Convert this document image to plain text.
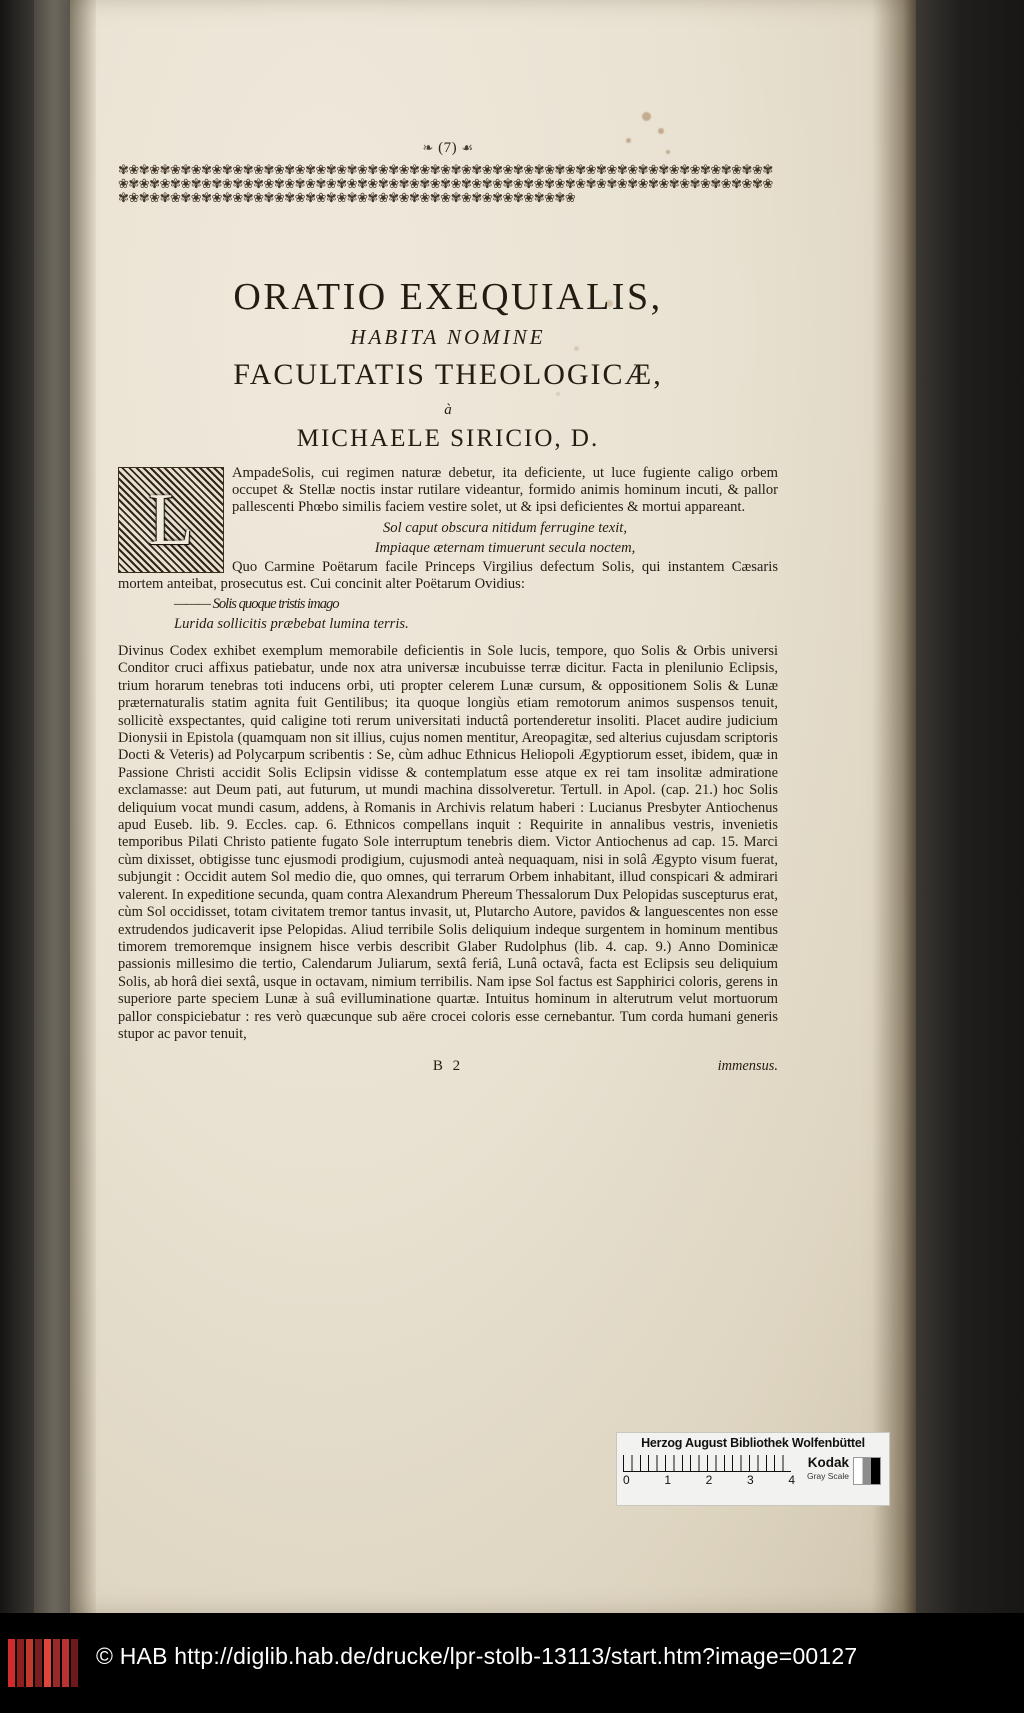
❧ (7) ☙
✾❀✾❀✾❀✾❀✾❀✾❀✾❀✾❀✾❀✾❀✾❀✾❀✾❀✾❀✾❀✾❀✾❀✾❀✾❀✾❀✾❀✾❀✾❀✾❀✾❀✾❀✾❀✾❀✾❀✾❀✾❀✾❀✾❀✾❀✾❀✾❀✾❀✾❀✾❀✾❀✾❀✾❀✾❀✾❀✾❀✾❀✾❀✾❀✾❀✾❀✾❀✾❀✾❀✾❀✾❀✾❀✾❀✾❀✾❀✾❀✾❀✾❀✾❀✾❀✾❀✾❀✾❀✾❀✾❀✾❀✾❀✾❀✾❀✾❀✾❀✾❀✾❀✾❀✾❀✾❀✾❀✾❀✾❀✾❀✾❀
ORATIO EXEQUIALIS,
HABITA NOMINE
FACULTATIS THEOLOGICÆ,
à
MICHAELE SIRICIO, D.
L

AmpadeSolis, cui regimen naturæ debetur, ita deficiente, ut luce fugiente caligo orbem occupet & Stellæ noctis instar rutilare videantur, formido animis hominum incuti, & pallor pallescenti Phœbo similis faciem vestire solet, ut & ipsi deficientes & mortui appareant.

Sol caput obscura nitidum ferrugine texit,
Impiaque æternam timuerunt secula noctem,

Quo Carmine Poëtarum facile Princeps Virgilius defectum Solis, qui instantem Cæsaris mortem anteibat, prosecutus est. Cui concinit alter Poëtarum Ovidius:

——— Solis quoque tristis imago
Lurida sollicitis præbebat lumina terris.

Divinus Codex exhibet exemplum memorabile deficientis in Sole lucis, tempore, quo Solis & Orbis universi Conditor cruci affixus patiebatur, unde nox atra universæ incubuisse terræ dicitur. Facta in plenilunio Eclipsis, trium horarum tenebras toti inducens orbi, uti propter celerem Lunæ cursum, & oppositionem Solis & Lunæ præternaturalis statim agnita fuit Gentilibus; ita quoque longiùs etiam remotorum animos suspensos tenuit, sollicitè exspectantes, quid caligine toti rerum universitati inductâ portenderetur insoliti. Placet audire judicium Dionysii in Epistola (quamquam non sit illius, cujus nomen mentitur, Areopagitæ, sed alterius cujusdam scriptoris Docti & Veteris) ad Polycarpum scribentis : Se, cùm adhuc Ethnicus Heliopoli Ægyptiorum esset, ibidem, quæ in Passione Christi accidit Solis Eclipsin vidisse & contemplatum esse atque ex rei tam insolitæ admiratione exclamasse: aut Deum pati, aut futurum, ut mundi machina dissolveretur. Tertull. in Apol. (cap. 21.) hoc Solis deliquium vocat mundi casum, addens, à Romanis in Archivis relatum haberi : Lucianus Presbyter Antiochenus apud Euseb. lib. 9. Eccles. cap. 6. Ethnicos compellans inquit : Requirite in annalibus vestris, invenietis temporibus Pilati Christo patiente fugato Sole interruptum tenebris diem. Victor Antiochenus ad cap. 15. Marci cùm dixisset, obtigisse tunc ejusmodi prodigium, cujusmodi anteà nequaquam, nisi in solâ Ægypto visum fuerat, subjungit : Occidit autem Sol medio die, quo omnes, qui terrarum Orbem inhabitant, illud conspicari & admirari valerent. In expeditione secunda, quam contra Alexandrum Phereum Thessalorum Dux Pelopidas suscepturus erat, cùm Sol occidisset, totam civitatem tremor tantus invasit, ut, Plutarcho Autore, pavidos & languescentes non esse extrudendos judicaverit ipse Pelopidas. Aliud terribile Solis deliquium indeque surgentem in hominum mentibus timorem tremoremque insignem hisce verbis describit Glaber Rudolphus (lib. 4. cap. 9.) Anno Dominicæ passionis millesimo die tertio, Calendarum Juliarum, sextâ feriâ, Lunâ octavâ, facta est Eclipsis seu deliquium Solis, ab horâ diei sextâ, usque in octavam, nimium terribilis. Nam ipse Sol factus est Sapphirici coloris, gerens in superiore parte speciem Lunæ à suâ evilluminatione quartæ. Intuitus hominum in alterutrum velut mortuorum pallor conspiciebatur : res verò quæcunque sub aëre crocei coloris esse cernebantur. Tum corda humani generis stupor ac pavor tenuit,

B 2	immensus.
Herzog August Bibliothek Wolfenbüttel
0	1	2	3	4
Kodak
Gray Scale
© HAB http://diglib.hab.de/drucke/lpr-stolb-13113/start.htm?image=00127
